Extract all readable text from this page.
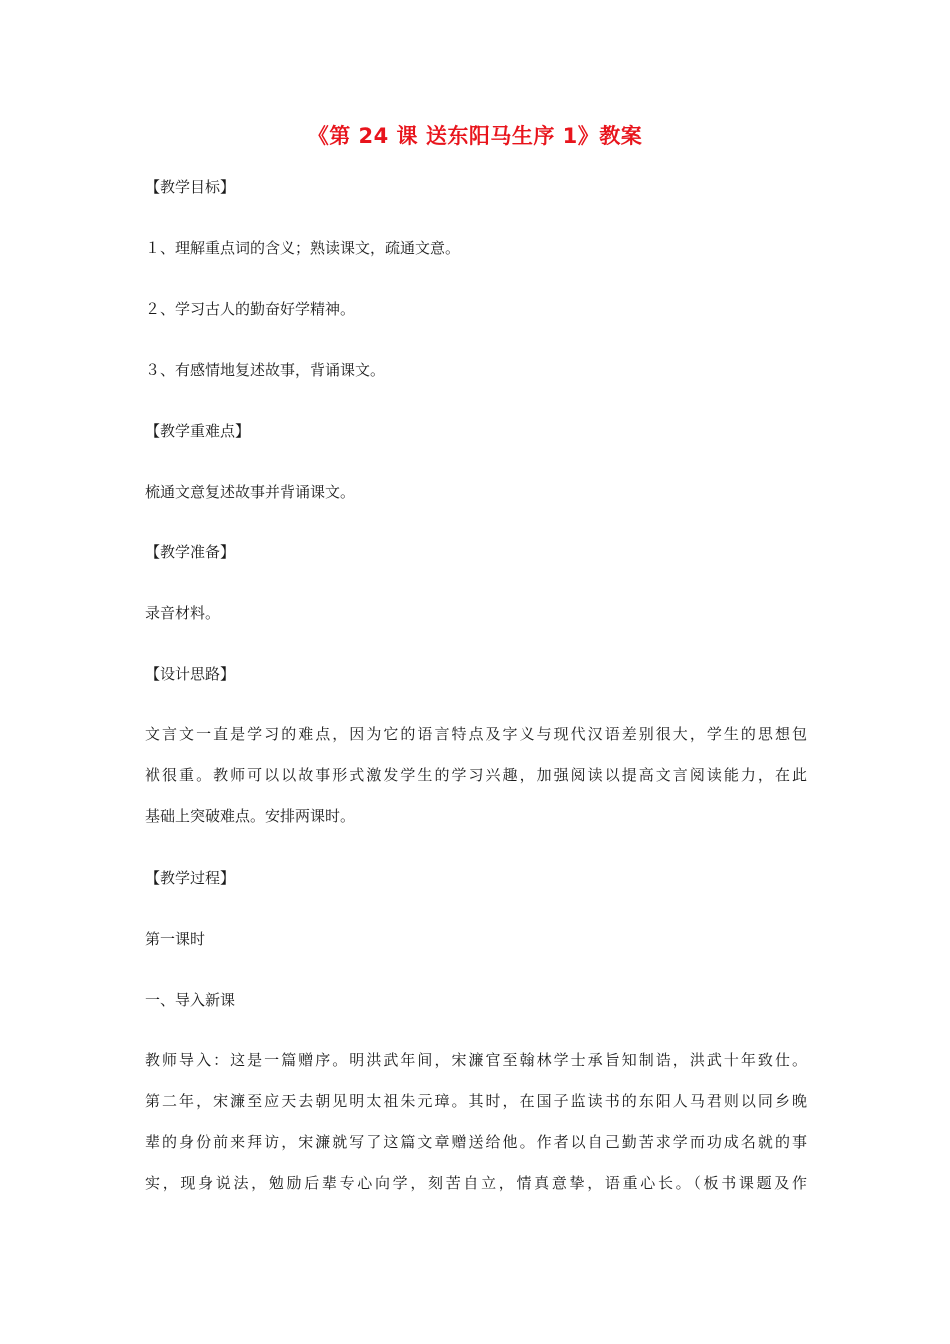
《第 24 课 送东阳马生序 1》教案
【教学目标】
１、理解重点词的含义；熟读课文，疏通文意。
２、学习古人的勤奋好学精神。
３、有感情地复述故事，背诵课文。
【教学重难点】
梳通文意复述故事并背诵课文。
【教学准备】
录音材料。
【设计思路】
文言文一直是学习的难点，因为它的语言特点及字义与现代汉语差别很大，学生的思想包
袱很重。教师可以以故事形式激发学生的学习兴趣，加强阅读以提高文言阅读能力，在此
基础上突破难点。安排两课时。
【教学过程】
第一课时
一、导入新课
教师导入：这是一篇赠序。明洪武年间，宋濂官至翰林学士承旨知制诰，洪武十年致仕。
第二年，宋濂至应天去朝见明太祖朱元璋。其时，在国子监读书的东阳人马君则以同乡晚
辈的身份前来拜访，宋濂就写了这篇文章赠送给他。作者以自己勤苦求学而功成名就的事
实，现身说法，勉励后辈专心向学，刻苦自立，情真意挚，语重心长。（板书课题及作
